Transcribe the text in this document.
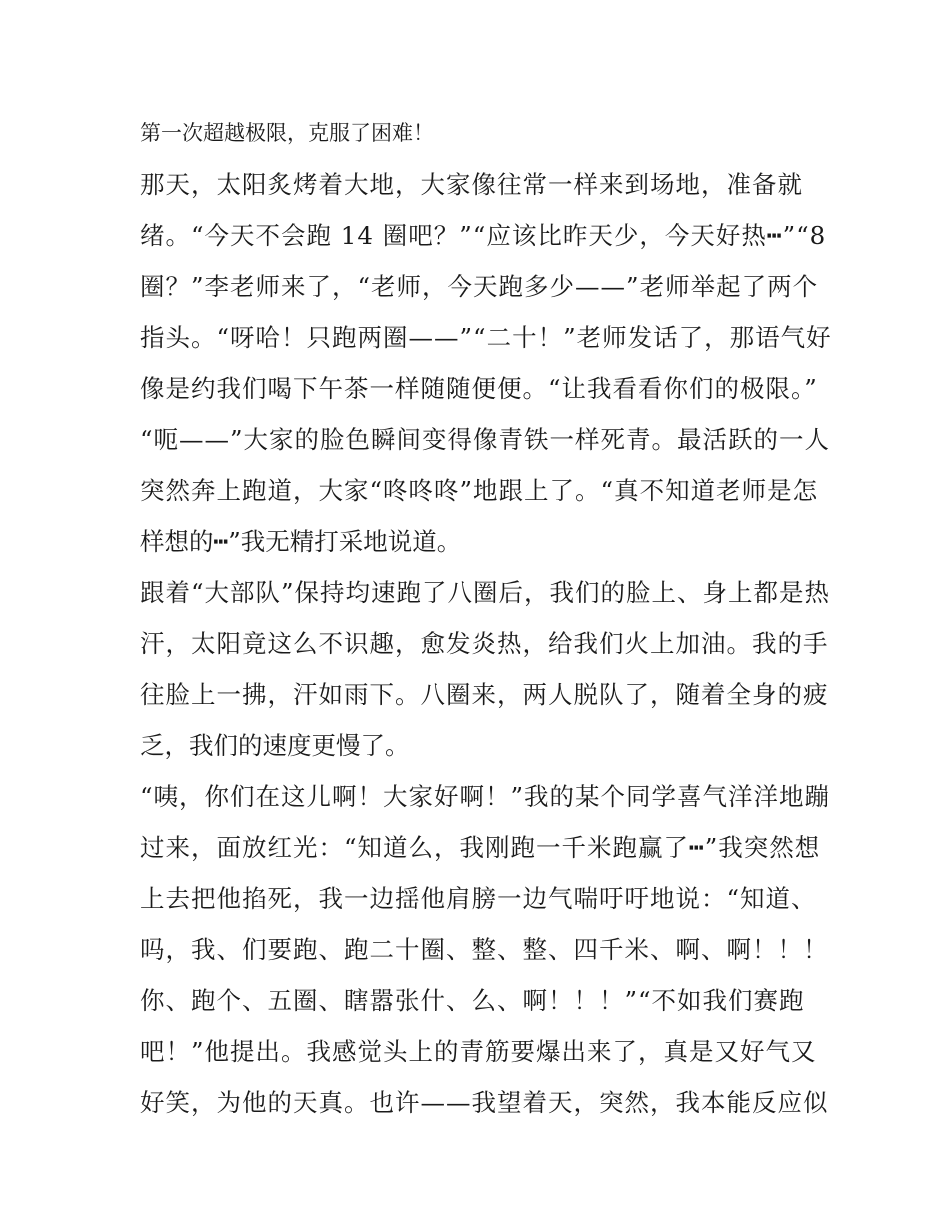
第一次超越极限，克服了困难！
那天，太阳炙烤着大地，大家像往常一样来到场地，准备就
绪。“今天不会跑 14 圈吧？”“应该比昨天少，今天好热┅”“8
圈？”李老师来了，“老师，今天跑多少——”老师举起了两个
指头。“呀哈！只跑两圈——”“二十！”老师发话了，那语气好
像是约我们喝下午茶一样随随便便。“让我看看你们的极限。”
“呃——”大家的脸色瞬间变得像青铁一样死青。最活跃的一人
突然奔上跑道，大家“咚咚咚”地跟上了。“真不知道老师是怎
样想的┅”我无精打采地说道。
跟着“大部队”保持均速跑了八圈后，我们的脸上、身上都是热
汗，太阳竟这么不识趣，愈发炎热，给我们火上加油。我的手
往脸上一拂，汗如雨下。八圈来，两人脱队了，随着全身的疲
乏，我们的速度更慢了。
“咦，你们在这儿啊！大家好啊！”我的某个同学喜气洋洋地蹦
过来，面放红光：“知道么，我刚跑一千米跑赢了┅”我突然想
上去把他掐死，我一边揺他肩膀一边气喘吁吁地说：“知道、
吗，我、们要跑、跑二十圈、整、整、四千米、啊、啊！！！
你、跑个、五圈、瞎嚣张什、么、啊！！！”“不如我们赛跑
吧！”他提出。我感觉头上的青筋要爆出来了，真是又好气又
好笑，为他的天真。也许——我望着天，突然，我本能反应似
